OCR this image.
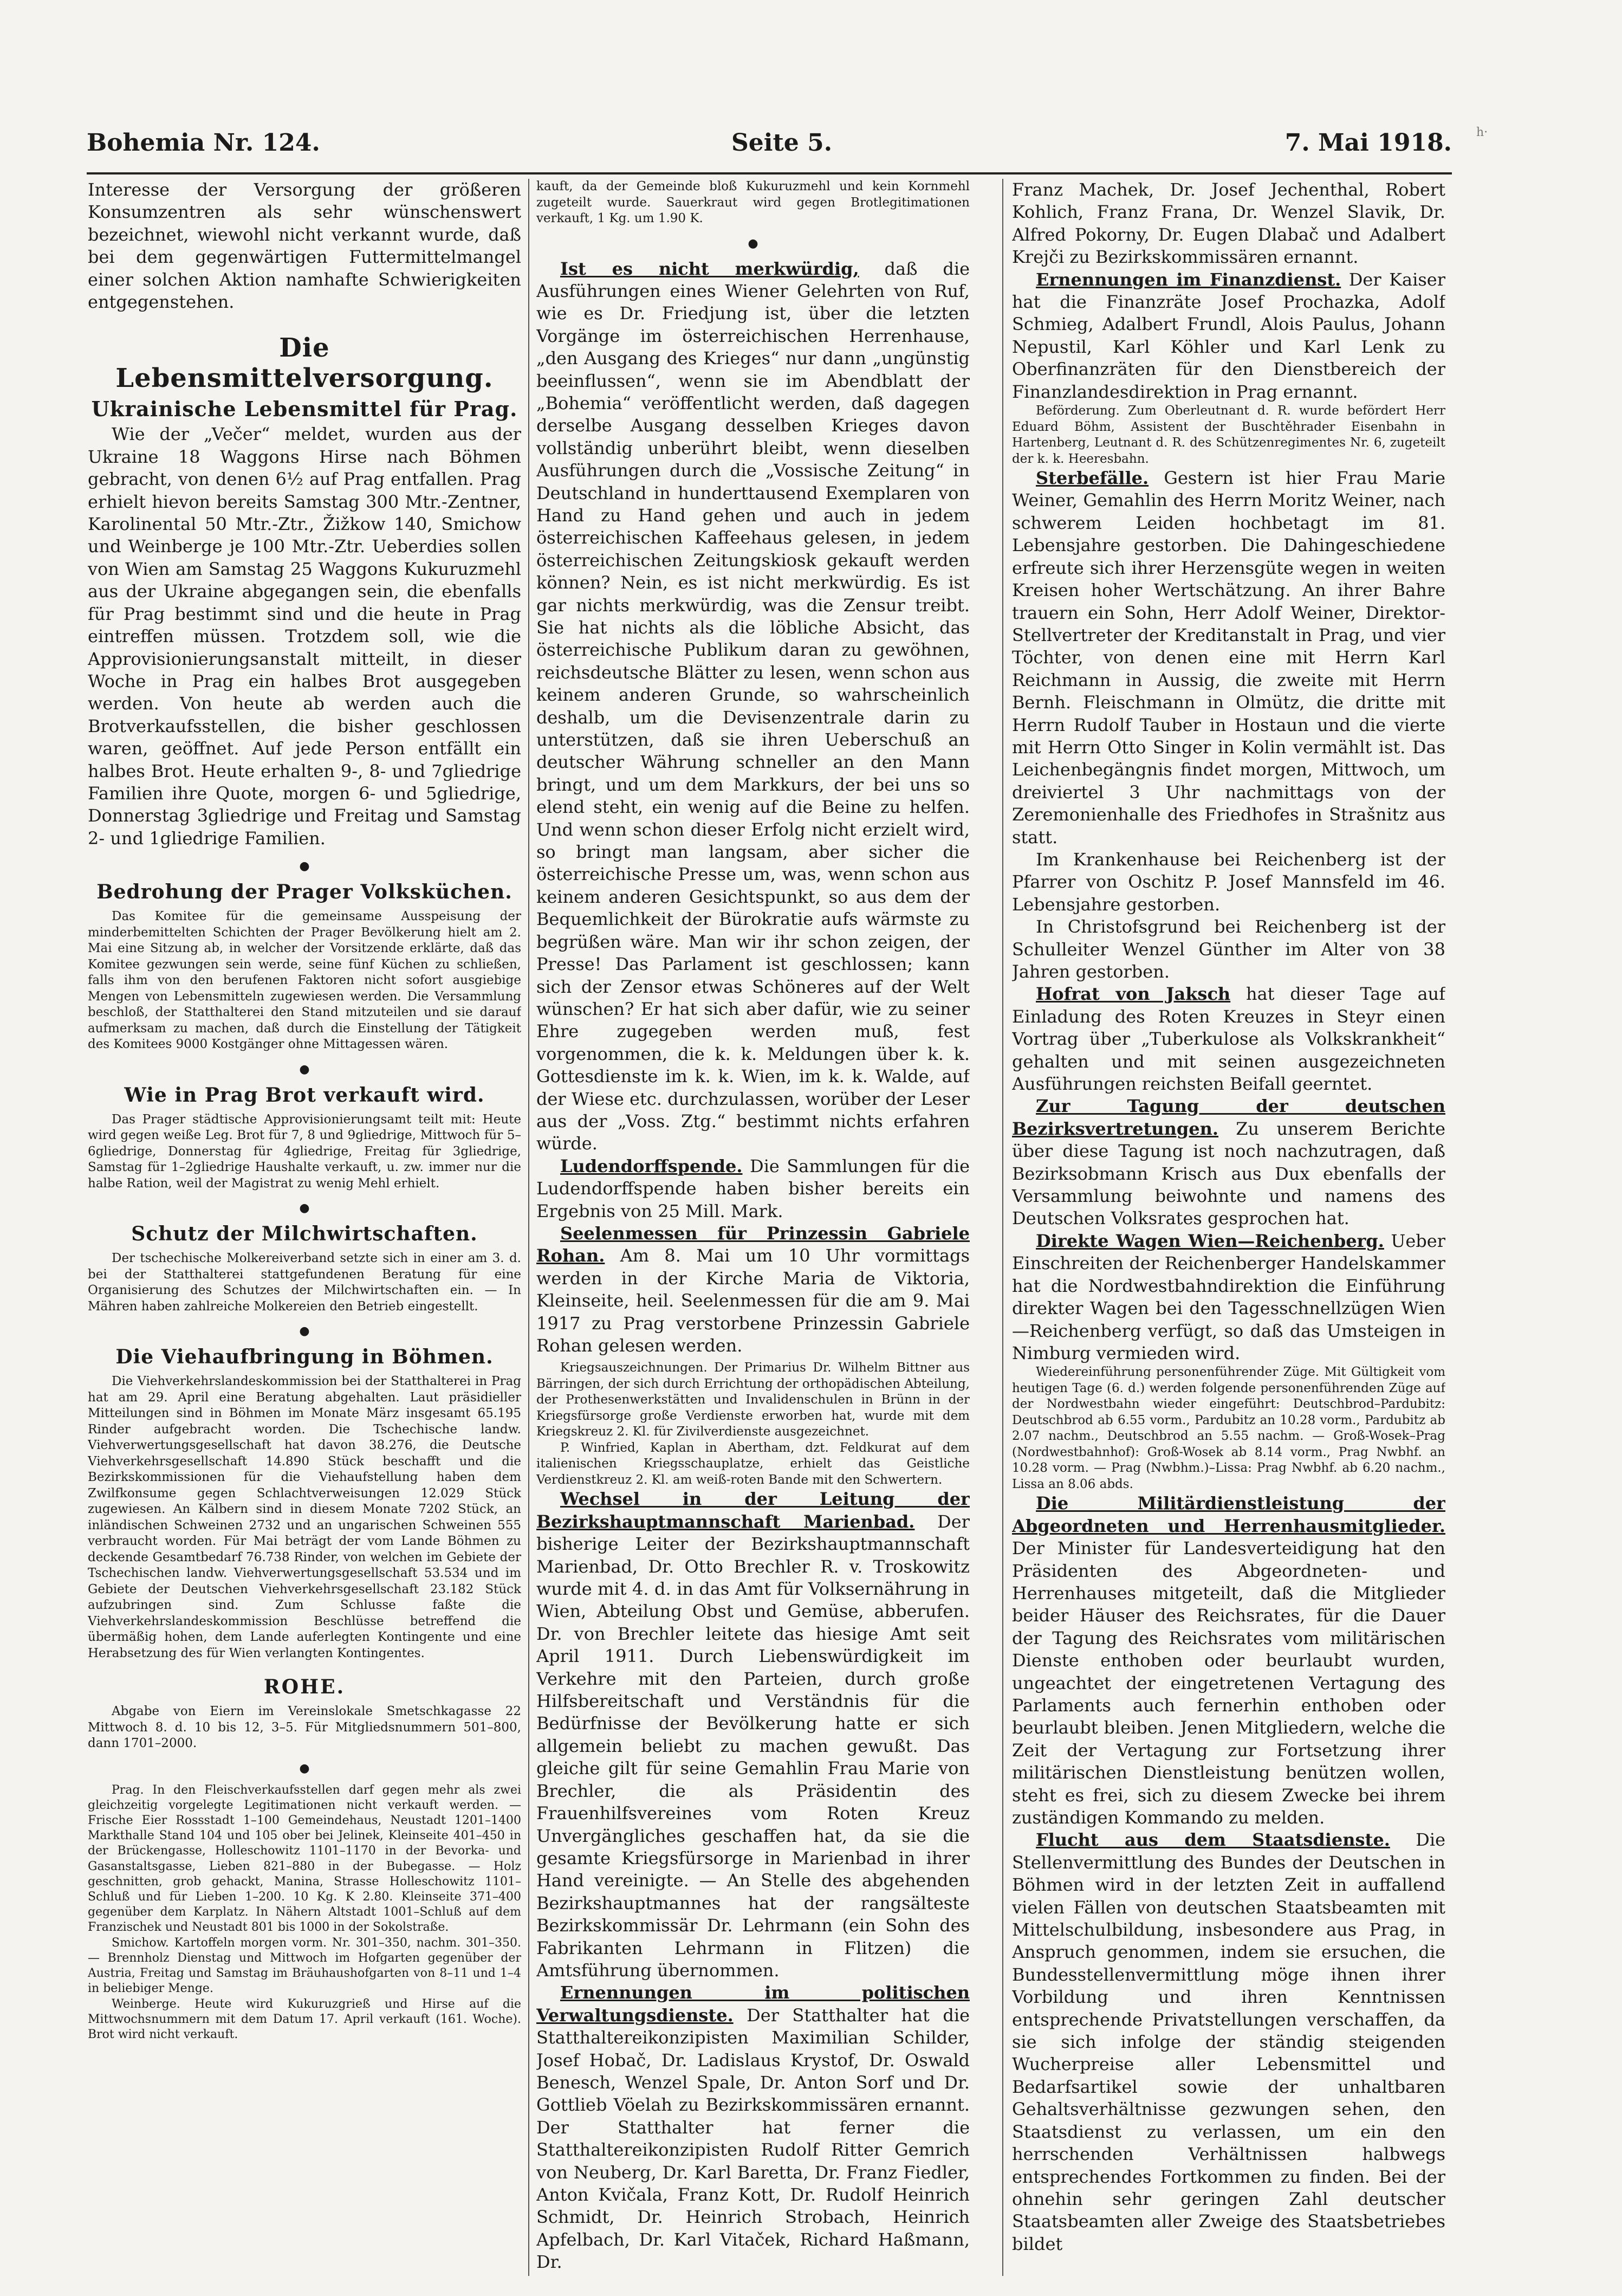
Bohemia Nr. 124.	Seite 5.	7. Mai 1918. h·

Interesse der Versorgung der größeren Konsumzentren als sehr wünschenswert bezeichnet, wiewohl nicht verkannt wurde, daß bei dem gegenwärtigen Futtermittelmangel einer solchen Aktion namhafte Schwierigkeiten entgegenstehen.

Die Lebensmittelversorgung.
Ukrainische Lebensmittel für Prag.

Wie der „Večer“ meldet, wurden aus der Ukraine 18 Waggons Hirse nach Böhmen gebracht, von denen 6½ auf Prag entfallen. Prag erhielt hievon bereits Samstag 300 Mtr.-Zentner, Karolinental 50 Mtr.-Ztr., Žižkow 140, Smichow und Weinberge je 100 Mtr.-Ztr. Ueberdies sollen von Wien am Samstag 25 Waggons Kukuruzmehl aus der Ukraine abgegangen sein, die ebenfalls für Prag bestimmt sind und die heute in Prag eintreffen müssen. Trotzdem soll, wie die Approvisionierungsanstalt mitteilt, in dieser Woche in Prag ein halbes Brot ausgegeben werden. Von heute ab werden auch die Brotverkaufsstellen, die bisher geschlossen waren, geöffnet. Auf jede Person entfällt ein halbes Brot. Heute erhalten 9-, 8- und 7gliedrige Familien ihre Quote, morgen 6- und 5gliedrige, Donnerstag 3gliedrige und Freitag und Samstag 2- und 1gliedrige Familien.

●
Bedrohung der Prager Volksküchen.

Das Komitee für die gemeinsame Ausspeisung der minderbemittelten Schichten der Prager Bevölkerung hielt am 2. Mai eine Sitzung ab, in welcher der Vorsitzende erklärte, daß das Komitee gezwungen sein werde, seine fünf Küchen zu schließen, falls ihm von den berufenen Faktoren nicht sofort ausgiebige Mengen von Lebensmitteln zugewiesen werden. Die Versammlung beschloß, der Statthalterei den Stand mitzuteilen und sie darauf aufmerksam zu machen, daß durch die Einstellung der Tätigkeit des Komitees 9000 Kostgänger ohne Mittagessen wären.

●
Wie in Prag Brot verkauft wird.

Das Prager städtische Approvisionierungsamt teilt mit: Heute wird gegen weiße Leg. Brot für 7, 8 und 9gliedrige, Mittwoch für 5–6gliedrige, Donnerstag für 4gliedrige, Freitag für 3gliedrige, Samstag für 1–2gliedrige Haushalte verkauft, u. zw. immer nur die halbe Ration, weil der Magistrat zu wenig Mehl erhielt.

●
Schutz der Milchwirtschaften.

Der tschechische Molkereiverband setzte sich in einer am 3. d. bei der Statthalterei stattgefundenen Beratung für eine Organisierung des Schutzes der Milchwirtschaften ein. — In Mähren haben zahlreiche Molkereien den Betrieb eingestellt.

●
Die Viehaufbringung in Böhmen.

Die Viehverkehrslandeskommission bei der Statthalterei in Prag hat am 29. April eine Beratung abgehalten. Laut präsidieller Mitteilungen sind in Böhmen im Monate März insgesamt 65.195 Rinder aufgebracht worden. Die Tschechische landw. Viehverwertungsgesellschaft hat davon 38.276, die Deutsche Viehverkehrsgesellschaft 14.890 Stück beschafft und die Bezirkskommissionen für die Viehaufstellung haben dem Zwilfkonsume gegen Schlachtverweisungen 12.029 Stück zugewiesen. An Kälbern sind in diesem Monate 7202 Stück, an inländischen Schweinen 2732 und an ungarischen Schweinen 555 verbraucht worden. Für Mai beträgt der vom Lande Böhmen zu deckende Gesamtbedarf 76.738 Rinder, von welchen im Gebiete der Tschechischen landw. Viehverwertungsgesellschaft 53.534 und im Gebiete der Deutschen Viehverkehrsgesellschaft 23.182 Stück aufzubringen sind. Zum Schlusse faßte die Viehverkehrslandeskommission Beschlüsse betreffend die übermäßig hohen, dem Lande auferlegten Kontingente und eine Herabsetzung des für Wien verlangten Kontingentes.

ROHE.

Abgabe von Eiern im Vereinslokale Smetschkagasse 22 Mittwoch 8. d. 10 bis 12, 3–5. Für Mitgliedsnummern 501–800, dann 1701–2000.

●

Prag. In den Fleischverkaufsstellen darf gegen mehr als zwei gleichzeitig vorgelegte Legitimationen nicht verkauft werden. — Frische Eier Rossstadt 1–100 Gemeindehaus, Neustadt 1201–1400 Markthalle Stand 104 und 105 ober bei Jelinek, Kleinseite 401–450 in der Brückengasse, Holleschowitz 1101–1170 in der Bevorka- und Gasanstaltsgasse, Lieben 821–880 in der Bubegasse. — Holz geschnitten, grob gehackt, Manina, Strasse Holleschowitz 1101–Schluß und für Lieben 1–200. 10 Kg. K 2.80. Kleinseite 371–400 gegenüber dem Karplatz. In Nähern Altstadt 1001–Schluß auf dem Franzischek und Neustadt 801 bis 1000 in der Sokolstraße.

Smichow. Kartoffeln morgen vorm. Nr. 301–350, nachm. 301–350. — Brennholz Dienstag und Mittwoch im Hofgarten gegenüber der Austria, Freitag und Samstag im Bräuhaushofgarten von 8–11 und 1–4 in beliebiger Menge.

Weinberge. Heute wird Kukuruzgrieß und Hirse auf die Mittwochsnummern mit dem Datum 17. April verkauft (161. Woche). Brot wird nicht verkauft.

kauft, da der Gemeinde bloß Kukuruzmehl und kein Kornmehl zugeteilt wurde. Sauerkraut wird gegen Brotlegitimationen verkauft, 1 Kg. um 1.90 K.

●

Ist es nicht merkwürdig, daß die Ausführungen eines Wiener Gelehrten von Ruf, wie es Dr. Friedjung ist, über die letzten Vorgänge im österreichischen Herrenhause, „den Ausgang des Krieges“ nur dann „ungünstig beeinflussen“, wenn sie im Abendblatt der „Bohemia“ veröffentlicht werden, daß dagegen derselbe Ausgang desselben Krieges davon vollständig unberührt bleibt, wenn dieselben Ausführungen durch die „Vossische Zeitung“ in Deutschland in hunderttausend Exemplaren von Hand zu Hand gehen und auch in jedem österreichischen Kaffeehaus gelesen, in jedem österreichischen Zeitungskiosk gekauft werden können? Nein, es ist nicht merkwürdig. Es ist gar nichts merkwürdig, was die Zensur treibt. Sie hat nichts als die löbliche Absicht, das österreichische Publikum daran zu gewöhnen, reichsdeutsche Blätter zu lesen, wenn schon aus keinem anderen Grunde, so wahrscheinlich deshalb, um die Devisenzentrale darin zu unterstützen, daß sie ihren Ueberschuß an deutscher Währung schneller an den Mann bringt, und um dem Markkurs, der bei uns so elend steht, ein wenig auf die Beine zu helfen. Und wenn schon dieser Erfolg nicht erzielt wird, so bringt man langsam, aber sicher die österreichische Presse um, was, wenn schon aus keinem anderen Gesichtspunkt, so aus dem der Bequemlichkeit der Bürokratie aufs wärmste zu begrüßen wäre. Man wir ihr schon zeigen, der Presse! Das Parlament ist geschlossen; kann sich der Zensor etwas Schöneres auf der Welt wünschen? Er hat sich aber dafür, wie zu seiner Ehre zugegeben werden muß, fest vorgenommen, die k. k. Meldungen über k. k. Gottesdienste im k. k. Wien, im k. k. Walde, auf der Wiese etc. durchzulassen, worüber der Leser aus der „Voss. Ztg.“ bestimmt nichts erfahren würde.

Ludendorffspende. Die Sammlungen für die Ludendorffspende haben bisher bereits ein Ergebnis von 25 Mill. Mark.

Seelenmessen für Prinzessin Gabriele Rohan. Am 8. Mai um 10 Uhr vormittags werden in der Kirche Maria de Viktoria, Kleinseite, heil. Seelenmessen für die am 9. Mai 1917 zu Prag verstorbene Prinzessin Gabriele Rohan gelesen werden.

Kriegsauszeichnungen. Der Primarius Dr. Wilhelm Bittner aus Bärringen, der sich durch Errichtung der orthopädischen Abteilung, der Prothesenwerkstätten und Invalidenschulen in Brünn in der Kriegsfürsorge große Verdienste erworben hat, wurde mit dem Kriegskreuz 2. Kl. für Zivilverdienste ausgezeichnet.

P. Winfried, Kaplan in Abertham, dzt. Feldkurat auf dem italienischen Kriegsschauplatze, erhielt das Geistliche Verdienstkreuz 2. Kl. am weiß-roten Bande mit den Schwertern.

Wechsel in der Leitung der Bezirkshauptmannschaft Marienbad. Der bisherige Leiter der Bezirkshauptmannschaft Marienbad, Dr. Otto Brechler R. v. Troskowitz wurde mit 4. d. in das Amt für Volksernährung in Wien, Abteilung Obst und Gemüse, abberufen. Dr. von Brechler leitete das hiesige Amt seit April 1911. Durch Liebenswürdigkeit im Verkehre mit den Parteien, durch große Hilfsbereitschaft und Verständnis für die Bedürfnisse der Bevölkerung hatte er sich allgemein beliebt zu machen gewußt. Das gleiche gilt für seine Gemahlin Frau Marie von Brechler, die als Präsidentin des Frauenhilfsvereines vom Roten Kreuz Unvergängliches geschaffen hat, da sie die gesamte Kriegsfürsorge in Marienbad in ihrer Hand vereinigte. — An Stelle des abgehenden Bezirkshauptmannes hat der rangsälteste Bezirkskommissär Dr. Lehrmann (ein Sohn des Fabrikanten Lehrmann in Flitzen) die Amtsführung übernommen.

Ernennungen im politischen Verwaltungsdienste. Der Statthalter hat die Statthaltereikonzipisten Maximilian Schilder, Josef Hobač, Dr. Ladislaus Krystof, Dr. Oswald Benesch, Wenzel Spale, Dr. Anton Sorf und Dr. Gottlieb Vöelah zu Bezirkskommissären ernannt. Der Statthalter hat ferner die Statthaltereikonzipisten Rudolf Ritter Gemrich von Neuberg, Dr. Karl Baretta, Dr. Franz Fiedler, Anton Kvičala, Franz Kott, Dr. Rudolf Heinrich Schmidt, Dr. Heinrich Strobach, Heinrich Apfelbach, Dr. Karl Vitaček, Richard Haßmann, Dr.

Franz Machek, Dr. Josef Jechenthal, Robert Kohlich, Franz Frana, Dr. Wenzel Slavik, Dr. Alfred Pokorny, Dr. Eugen Dlabač und Adalbert Krejči zu Bezirkskommissären ernannt.

Ernennungen im Finanzdienst. Der Kaiser hat die Finanzräte Josef Prochazka, Adolf Schmieg, Adalbert Frundl, Alois Paulus, Johann Nepustil, Karl Köhler und Karl Lenk zu Oberfinanzräten für den Dienstbereich der Finanzlandesdirektion in Prag ernannt.

Beförderung. Zum Oberleutnant d. R. wurde befördert Herr Eduard Böhm, Assistent der Buschtěhrader Eisenbahn in Hartenberg, Leutnant d. R. des Schützenregimentes Nr. 6, zugeteilt der k. k. Heeresbahn.

Sterbefälle. Gestern ist hier Frau Marie Weiner, Gemahlin des Herrn Moritz Weiner, nach schwerem Leiden hochbetagt im 81. Lebensjahre gestorben. Die Dahingeschiedene erfreute sich ihrer Herzensgüte wegen in weiten Kreisen hoher Wertschätzung. An ihrer Bahre trauern ein Sohn, Herr Adolf Weiner, Direktor-Stellvertreter der Kreditanstalt in Prag, und vier Töchter, von denen eine mit Herrn Karl Reichmann in Aussig, die zweite mit Herrn Bernh. Fleischmann in Olmütz, die dritte mit Herrn Rudolf Tauber in Hostaun und die vierte mit Herrn Otto Singer in Kolin vermählt ist. Das Leichenbegängnis findet morgen, Mittwoch, um dreiviertel 3 Uhr nachmittags von der Zeremonienhalle des Friedhofes in Strašnitz aus statt.

Im Krankenhause bei Reichenberg ist der Pfarrer von Oschitz P. Josef Mannsfeld im 46. Lebensjahre gestorben.

In Christofsgrund bei Reichenberg ist der Schulleiter Wenzel Günther im Alter von 38 Jahren gestorben.

Hofrat von Jaksch hat dieser Tage auf Einladung des Roten Kreuzes in Steyr einen Vortrag über „Tuberkulose als Volkskrankheit“ gehalten und mit seinen ausgezeichneten Ausführungen reichsten Beifall geerntet.

Zur Tagung der deutschen Bezirksvertretungen. Zu unserem Berichte über diese Tagung ist noch nachzutragen, daß Bezirksobmann Krisch aus Dux ebenfalls der Versammlung beiwohnte und namens des Deutschen Volksrates gesprochen hat.

Direkte Wagen Wien—Reichenberg. Ueber Einschreiten der Reichenberger Handelskammer hat die Nordwestbahndirektion die Einführung direkter Wagen bei den Tagesschnellzügen Wien—Reichenberg verfügt, so daß das Umsteigen in Nimburg vermieden wird.

Wiedereinführung personenführender Züge. Mit Gültigkeit vom heutigen Tage (6. d.) werden folgende personenführenden Züge auf der Nordwestbahn wieder eingeführt: Deutschbrod–Pardubitz: Deutschbrod ab 6.55 vorm., Pardubitz an 10.28 vorm., Pardubitz ab 2.07 nachm., Deutschbrod an 5.55 nachm. — Groß-Wosek–Prag (Nordwestbahnhof): Groß-Wosek ab 8.14 vorm., Prag Nwbhf. an 10.28 vorm. — Prag (Nwbhm.)–Lissa: Prag Nwbhf. ab 6.20 nachm., Lissa an 8.06 abds.

Die Militärdienstleistung der Abgeordneten und Herrenhausmitglieder. Der Minister für Landesverteidigung hat den Präsidenten des Abgeordneten- und Herrenhauses mitgeteilt, daß die Mitglieder beider Häuser des Reichsrates, für die Dauer der Tagung des Reichsrates vom militärischen Dienste enthoben oder beurlaubt wurden, ungeachtet der eingetretenen Vertagung des Parlaments auch fernerhin enthoben oder beurlaubt bleiben. Jenen Mitgliedern, welche die Zeit der Vertagung zur Fortsetzung ihrer militärischen Dienstleistung benützen wollen, steht es frei, sich zu diesem Zwecke bei ihrem zuständigen Kommando zu melden.

Flucht aus dem Staatsdienste. Die Stellenvermittlung des Bundes der Deutschen in Böhmen wird in der letzten Zeit in auffallend vielen Fällen von deutschen Staatsbeamten mit Mittelschulbildung, insbesondere aus Prag, in Anspruch genommen, indem sie ersuchen, die Bundesstellenvermittlung möge ihnen ihrer Vorbildung und ihren Kenntnissen entsprechende Privatstellungen verschaffen, da sie sich infolge der ständig steigenden Wucherpreise aller Lebensmittel und Bedarfsartikel sowie der unhaltbaren Gehaltsverhältnisse gezwungen sehen, den Staatsdienst zu verlassen, um ein den herrschenden Verhältnissen halbwegs entsprechendes Fortkommen zu finden. Bei der ohnehin sehr geringen Zahl deutscher Staatsbeamten aller Zweige des Staatsbetriebes bildet
